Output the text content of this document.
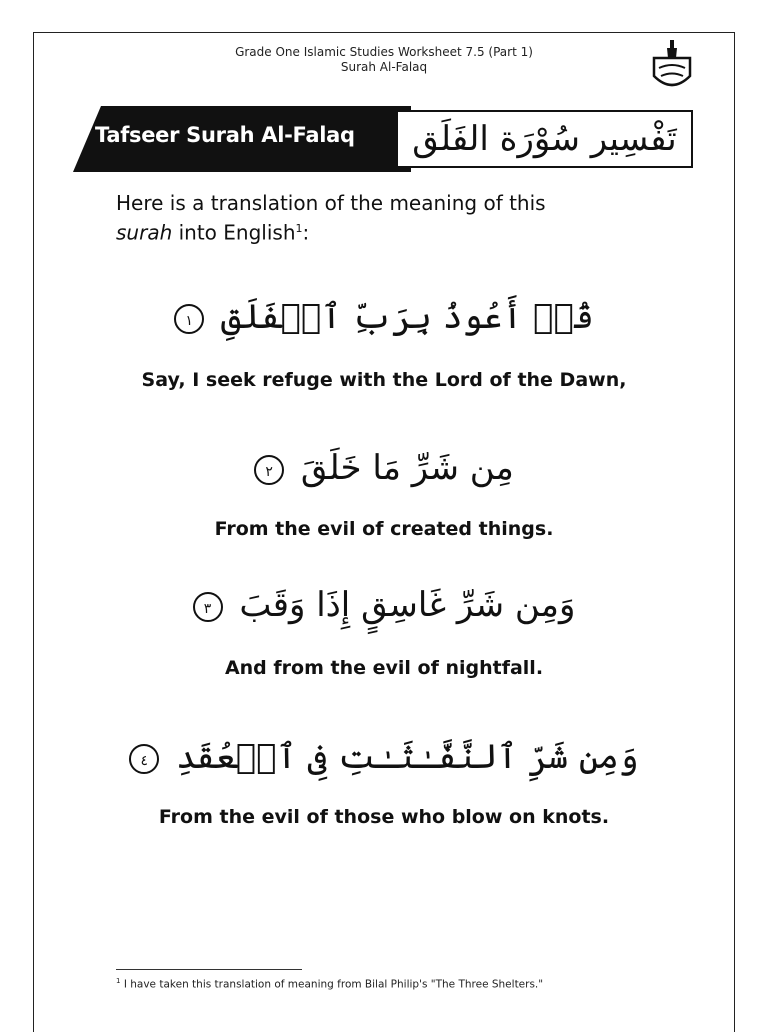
Grade One Islamic Studies Worksheet 7.5 (Part 1)
Surah Al-Falaq
Tafseer Surah Al-Falaq	تَفْسِير سُوْرَة الفَلَق
Here is a translation of the meaning of this
surah into English$^1$:
قُلۡ أَعُوذُ بِرَبِّ ٱلۡفَلَقِ ١
Say, I seek refuge with the Lord of the Dawn,
مِن شَرِّ مَا خَلَقَ ٢
From the evil of created things.
وَمِن شَرِّ غَاسِقٍ إِذَا وَقَبَ ٣
And from the evil of nightfall.
وَمِن شَرِّ ٱلنَّفَّـٰثَـٰتِ فِى ٱلۡعُقَدِ ٤
From the evil of those who blow on knots.
$^1$ I have taken this translation of meaning from Bilal Philip's "The Three Shelters."
